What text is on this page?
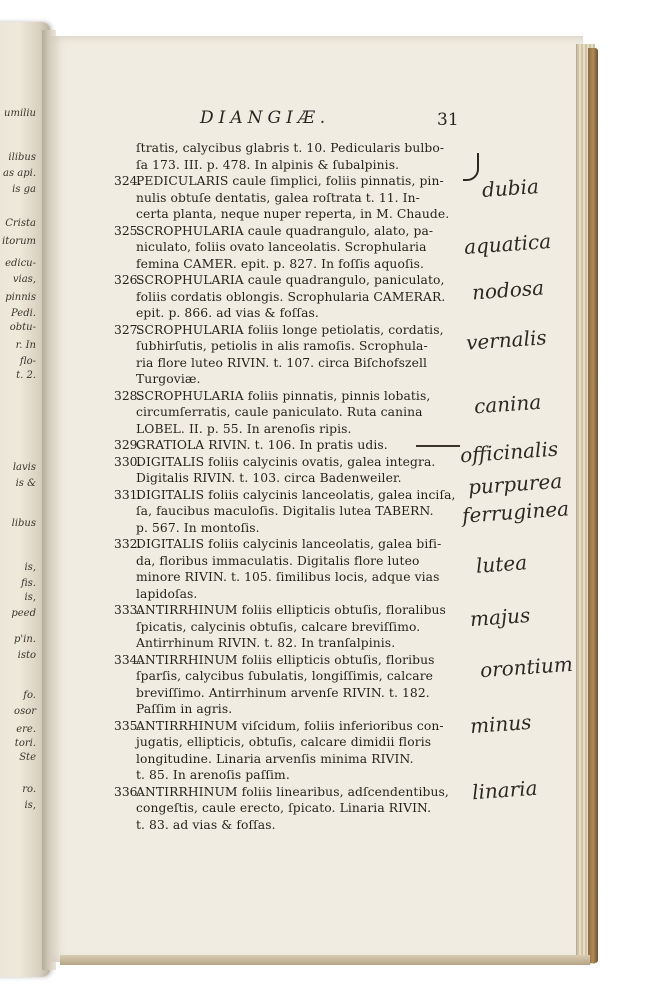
umiliu
ilibus
as api.
is ga
Crista
itorum
edicu-
vias,
pinnis
Pedi.
obtu-
r. In
flo-
t. 2.
lavis
is &
libus
is,
fis.
is,
peed
p'in.
isto
fo.
osor
ere.
tori.
Ste
ro.
is,
DIANGIÆ.	31
ſtratis, calycibus glabris t. 10. Pedicularis bulbo-
ſa 173. III. p. 478. In alpinis & ſubalpinis.
324.
PEDICULARIS caule ſimplici, foliis pinnatis, pin-
nulis obtuſe dentatis, galea roſtrata t. 11. In-
certa planta, neque nuper reperta, in M. Chaude.
325.
SCROPHULARIA caule quadrangulo, alato, pa-
niculato, foliis ovato lanceolatis. Scrophularia
femina CAMER. epit. p. 827. In foſſis aquoſis.
326.
SCROPHULARIA caule quadrangulo, paniculato,
foliis cordatis oblongis. Scrophularia CAMERAR.
epit. p. 866. ad vias & foſſas.
327.
SCROPHULARIA foliis longe petiolatis, cordatis,
ſubhirſutis, petiolis in alis ramoſis. Scrophula-
ria flore luteo RIVIN. t. 107. circa Biſchofszell
Turgoviæ.
328.
SCROPHULARIA foliis pinnatis, pinnis lobatis,
circumſerratis, caule paniculato. Ruta canina
LOBEL. II. p. 55. In arenoſis ripis.
329.
GRATIOLA RIVIN. t. 106. In pratis udis.
330.
DIGITALIS foliis calycinis ovatis, galea integra.
Digitalis RIVIN. t. 103. circa Badenweiler.
331.
DIGITALIS foliis calycinis lanceolatis, galea inciſa,
ſa, faucibus maculoſis. Digitalis lutea TABERN.
p. 567. In montoſis.
332.
DIGITALIS foliis calycinis lanceolatis, galea bifi-
da, floribus immaculatis. Digitalis flore luteo
minore RIVIN. t. 105. ſimilibus locis, adque vias
lapidoſas.
333.
ANTIRRHINUM foliis ellipticis obtuſis, floralibus
ſpicatis, calycinis obtuſis, calcare breviſſimo.
Antirrhinum RIVIN. t. 82. In tranſalpinis.
334.
ANTIRRHINUM foliis ellipticis obtuſis, floribus
ſparſis, calycibus ſubulatis, longiſſimis, calcare
breviſſimo. Antirrhinum arvenſe RIVIN. t. 182.
Paſſim in agris.
335.
ANTIRRHINUM viſcidum, foliis inferioribus con-
jugatis, ellipticis, obtuſis, calcare dimidii floris
longitudine. Linaria arvenſis minima RIVIN.
t. 85. In arenoſis paſſim.
336.
ANTIRRHINUM foliis linearibus, adſcendentibus,
congeſtis, caule erecto, ſpicato. Linaria RIVIN.
t. 83. ad vias & foſſas.
dubia
aquatica
nodosa
vernalis
canina
officinalis
purpurea
ferruginea
lutea
majus
orontium
minus
linaria
